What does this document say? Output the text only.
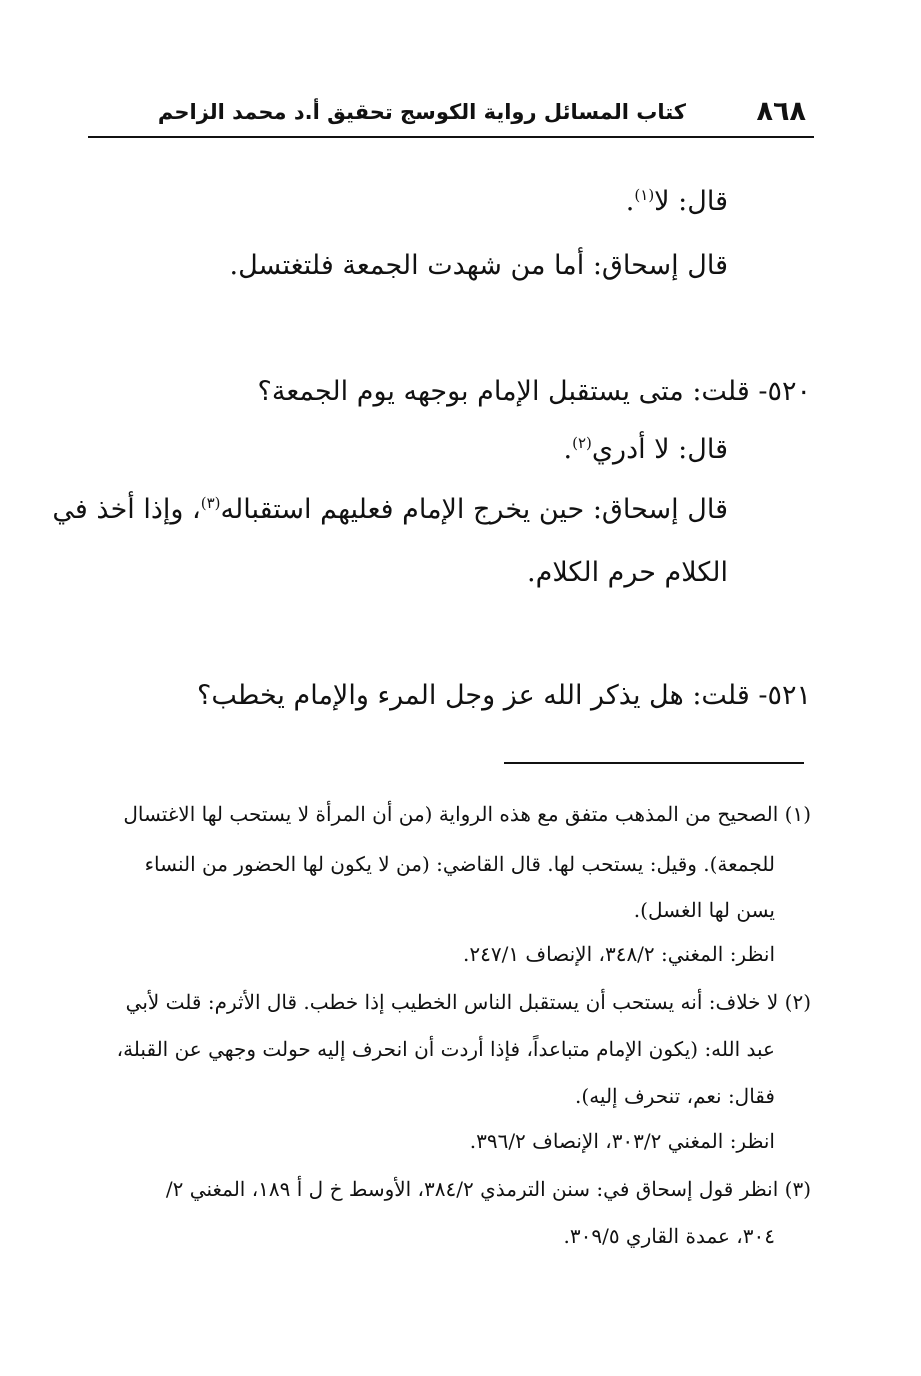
٨٦٨
كتاب المسائل رواية الكوسج تحقيق أ.د محمد الزاحم
قال: لا$^{(١)}$.
قال إسحاق: أما من شهدت الجمعة فلتغتسل.
٥٢٠- قلت: متى يستقبل الإمام بوجهه يوم الجمعة؟
قال: لا أدري$^{(٢)}$.
قال إسحاق: حين يخرج الإمام فعليهم استقباله$^{(٣)}$، وإذا أخذ في
الكلام حرم الكلام.
٥٢١- قلت: هل يذكر الله عز وجل المرء والإمام يخطب؟
(١) الصحيح من المذهب متفق مع هذه الرواية (من أن المرأة لا يستحب لها الاغتسال
للجمعة). وقيل: يستحب لها. قال القاضي: (من لا يكون لها الحضور من النساء
يسن لها الغسل).
انظر: المغني: ٣٤٨/٢، الإنصاف ٢٤٧/١.
(٢) لا خلاف: أنه يستحب أن يستقبل الناس الخطيب إذا خطب. قال الأثرم: قلت لأبي
عبد الله: (يكون الإمام متباعداً، فإذا أردت أن انحرف إليه حولت وجهي عن القبلة،
فقال: نعم، تنحرف إليه).
انظر: المغني ٣٠٣/٢، الإنصاف ٣٩٦/٢.
(٣) انظر قول إسحاق في: سنن الترمذي ٣٨٤/٢، الأوسط خ ل أ ١٨٩، المغني ٢/
٣٠٤، عمدة القاري ٣٠٩/٥.
